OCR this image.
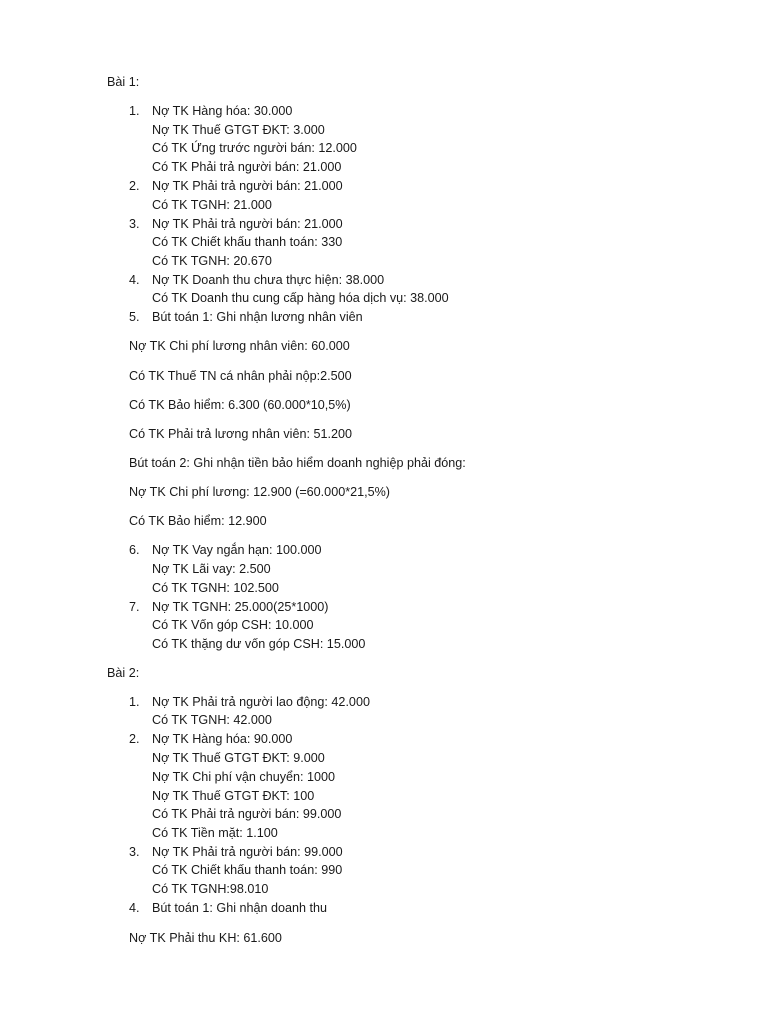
Bài 1:
1. Nợ TK Hàng hóa: 30.000
Nợ TK Thuế GTGT ĐKT: 3.000
Có TK Ứng trước người bán: 12.000
Có TK Phải trả người bán: 21.000
2. Nợ TK Phải trả người bán: 21.000
Có TK TGNH: 21.000
3. Nợ TK Phải trả người bán: 21.000
Có TK Chiết khấu thanh toán: 330
Có TK TGNH: 20.670
4. Nợ TK Doanh thu chưa thực hiện: 38.000
Có TK Doanh thu cung cấp hàng hóa dịch vụ: 38.000
5. Bút toán 1: Ghi nhận lương nhân viên
Nợ TK Chi phí lương nhân viên: 60.000
Có TK Thuế TN cá nhân phải nộp:2.500
Có TK Bảo hiểm: 6.300 (60.000*10,5%)
Có TK Phải trả lương nhân viên: 51.200
Bút toán 2: Ghi nhận tiền bảo hiểm doanh nghiệp phải đóng:
Nợ TK Chi phí lương: 12.900 (=60.000*21,5%)
Có TK Bảo hiểm: 12.900
6. Nợ TK Vay ngắn hạn: 100.000
Nợ TK Lãi vay: 2.500
Có TK TGNH: 102.500
7. Nợ TK TGNH: 25.000(25*1000)
Có TK Vốn góp CSH: 10.000
Có TK thặng dư vốn góp CSH: 15.000
Bài 2:
1. Nợ TK Phải trả người lao động: 42.000
Có TK TGNH: 42.000
2. Nợ TK Hàng hóa: 90.000
Nợ TK Thuế GTGT ĐKT: 9.000
Nợ TK Chi phí vận chuyển: 1000
Nợ TK Thuế GTGT ĐKT: 100
Có TK Phải trả người bán: 99.000
Có TK Tiền mặt: 1.100
3. Nợ TK Phải trả người bán: 99.000
Có TK Chiết khấu thanh toán: 990
Có TK TGNH:98.010
4. Bút toán 1: Ghi nhận doanh thu
Nợ TK Phải thu KH: 61.600
